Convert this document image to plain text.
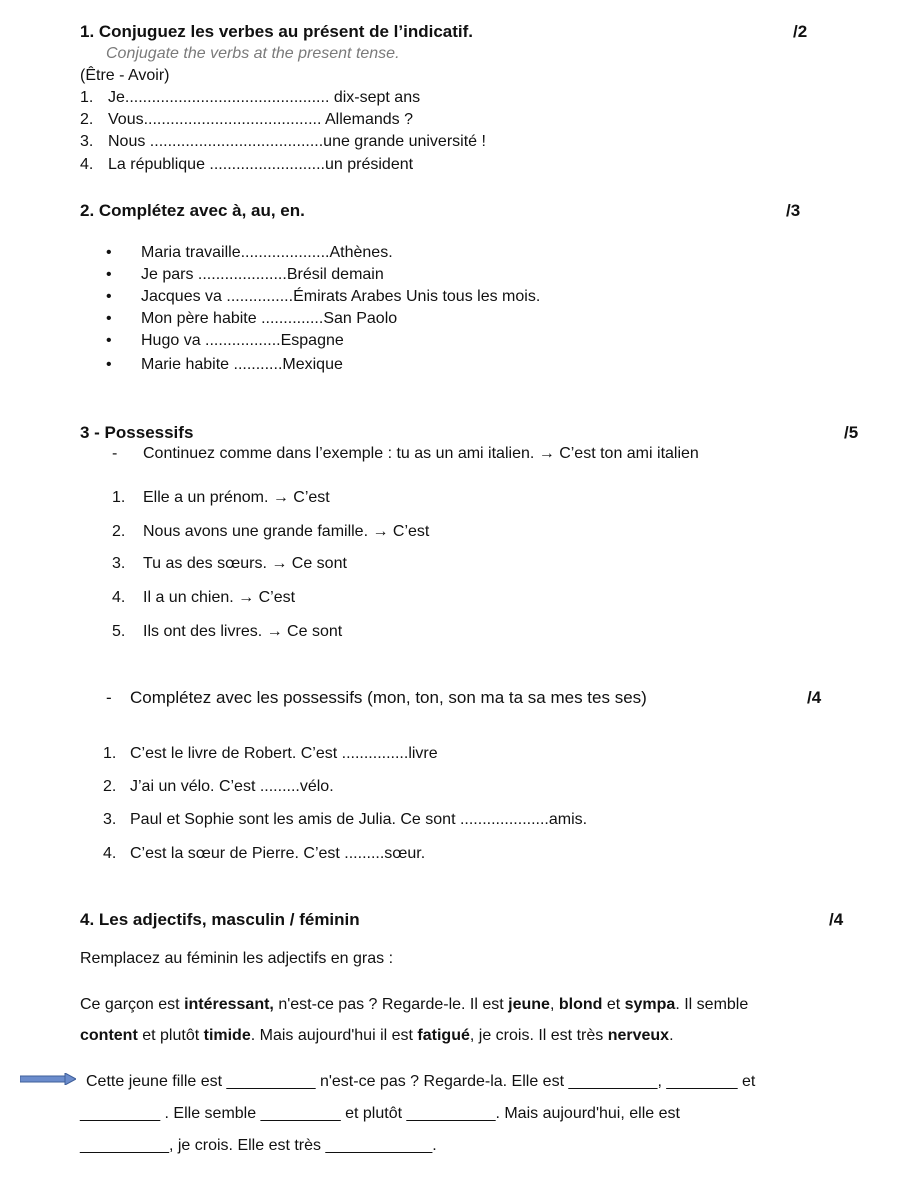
1. Conjuguez les verbes au présent de l’indicatif.	/2
Conjugate the verbs at the present tense.
(Être - Avoir)
1. Je.............................................. dix-sept ans
2. Vous........................................ Allemands ?
3. Nous .......................................une grande université !
4. La république ..........................un président
2. Complétez avec à, au, en.	/3
• Maria travaille....................Athènes.
• Je pars ....................Brésil demain
• Jacques va ...............Émirats Arabes Unis tous les mois.
• Mon père habite ..............San Paolo
• Hugo va .................Espagne
• Marie habite ...........Mexique
3 - Possessifs	/5
- Continuez comme dans l’exemple : tu as un ami italien. → C’est ton ami italien
1. Elle a un prénom. → C’est
2. Nous avons une grande famille. → C’est
3. Tu as des sœurs. → Ce sont
4. Il a un chien. → C’est
5. Ils ont des livres. → Ce sont
- Complétez avec les possessifs (mon, ton, son ma ta sa mes tes ses)	/4
1. C’est le livre de Robert. C’est ...............livre
2. J’ai un vélo. C’est .........vélo.
3. Paul et Sophie sont les amis de Julia. Ce sont ....................amis.
4. C’est la sœur de Pierre. C’est .........sœur.
4. Les adjectifs, masculin / féminin	/4
Remplacez au féminin les adjectifs en gras :
Ce garçon est intéressant, n'est-ce pas ? Regarde-le. Il est jeune, blond et sympa. Il semble
content et plutôt timide. Mais aujourd'hui il est fatigué, je crois. Il est très nerveux.
Cette jeune fille est __________ n'est-ce pas ? Regarde-la. Elle est __________, ________ et
_________ . Elle semble _________ et plutôt __________. Mais aujourd'hui, elle est
__________, je crois. Elle est très ____________.
